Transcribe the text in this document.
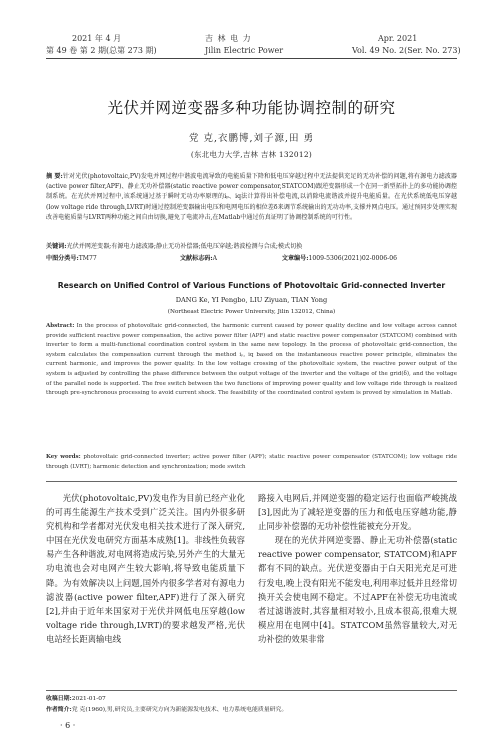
2021 年 4 月	吉 林 电 力	Apr. 2021
第 49 卷 第 2 期(总第 273 期)	Jilin Electric Power	Vol. 49 No. 2(Ser. No. 273)
光伏并网逆变器多种功能协调控制的研究
党 克,衣鹏博,刘子源,田 勇
(东北电力大学,吉林 吉林 132012)
摘 要:针对光伏(photovoltaic,PV)发电并网过程中谐波电流导致的电能质量下降和低电压穿越过程中无法提供充足的无功补偿的问题,将有源电力滤波器(active power filter,APF)、静止无功补偿器(static reactive power compensator,STATCOM)跟逆变器形成一个在同一新型拓扑上的多功能协调控制系统。在光伏并网过程中,该系统通过基于瞬时无功功率原理的iₚ、iq法计算得出补偿电流,以消除电流谐波并提升电能质量。在光伏系统低电压穿越(low voltage ride through,LVRT)时通过控制逆变器输出电压和电网电压的相位差δ来调节系统输出的无功功率,支撑并网点电压。通过预同步处理实现改善电能质量与LVRT两种功能之间自由切换,避免了电流冲击,在Matlab中通过仿真证明了协调控制系统的可行性。
关键词:光伏并网逆变器;有源电力滤波器;静止无功补偿器;低电压穿越;谐波检测与合成;模式切换
中图分类号:TM77	文献标志码:A	文章编号:1009-5306(2021)02-0006-06
Research on Unified Control of Various Functions of Photovoltaic Grid-connected Inverter
DANG Ke, YI Pengbo, LIU Ziyuan, TIAN Yong
(Northeast Electric Power University, Jilin 132012, China)
Abstract: In the process of photovoltaic grid-connected, the harmonic current caused by power quality decline and low voltage across cannot provide sufficient reactive power compensation, the active power filter (APF) and static reactive power compensator (STATCOM) combined with inverter to form a multi-functional coordination control system in the same new topology. In the process of photovoltaic grid-connection, the system calculates the compensation current through the method iₚ, iq based on the instantaneous reactive power principle, eliminates the current harmonic, and improves the power quality. In the low voltage crossing of the photovoltaic system, the reactive power output of the system is adjusted by controlling the phase difference between the output voltage of the inverter and the voltage of the grid(δ), and the voltage of the parallel node is supported. The free switch between the two functions of improving power quality and low voltage ride through is realized through pre-synchronous processing to avoid current shock. The feasibility of the coordinated control system is proved by simulation in Matlab.
Key words: photovoltaic grid-connected inverter; active power filter (APF); static reactive power compensator (STATCOM); low voltage ride through (LVRT); harmonic detection and synchronization; mode switch

光伏(photovoltaic,PV)发电作为目前已经产业化的可再生能源生产技术受到广泛关注。国内外很多研究机构和学者都对光伏发电相关技术进行了深入研究,中国在光伏发电研究方面基本成熟[1]。非线性负载容易产生各种谐波,对电网将造成污染,另外产生的大量无功电流也会对电网产生较大影响,将导致电能质量下降。为有效解决以上问题,国外内很多学者对有源电力滤波器(active power filter,APF)进行了深入研究[2],并由于近年来国家对于光伏并网低电压穿越(low voltage ride through,LVRT)的要求越发严格,光伏电站经长距离输电线

路接入电网后,并网逆变器的稳定运行也面临严峻挑战[3],因此为了减轻逆变器的压力和低电压穿越功能,静止同步补偿器的无功补偿性能被充分开发。

现在的光伏并网逆变器、静止无功补偿器(static reactive power compensator, STATCOM)和APF都有不同的缺点。光伏逆变器由于白天阳光充足可进行发电,晚上没有阳光不能发电,利用率过低并且经常切换开关会使电网不稳定。不过APF在补偿无功电流或者过滤谐波时,其容量相对较小,且成本很高,很难大规模应用在电网中[4]。STATCOM虽然容量较大,对无功补偿的效果非常

收稿日期:2021-01-07
作者简介:党 克(1960),男,研究员,主要研究方向为新能源发电技术、电力系统电能质量研究。
· 6 ·
